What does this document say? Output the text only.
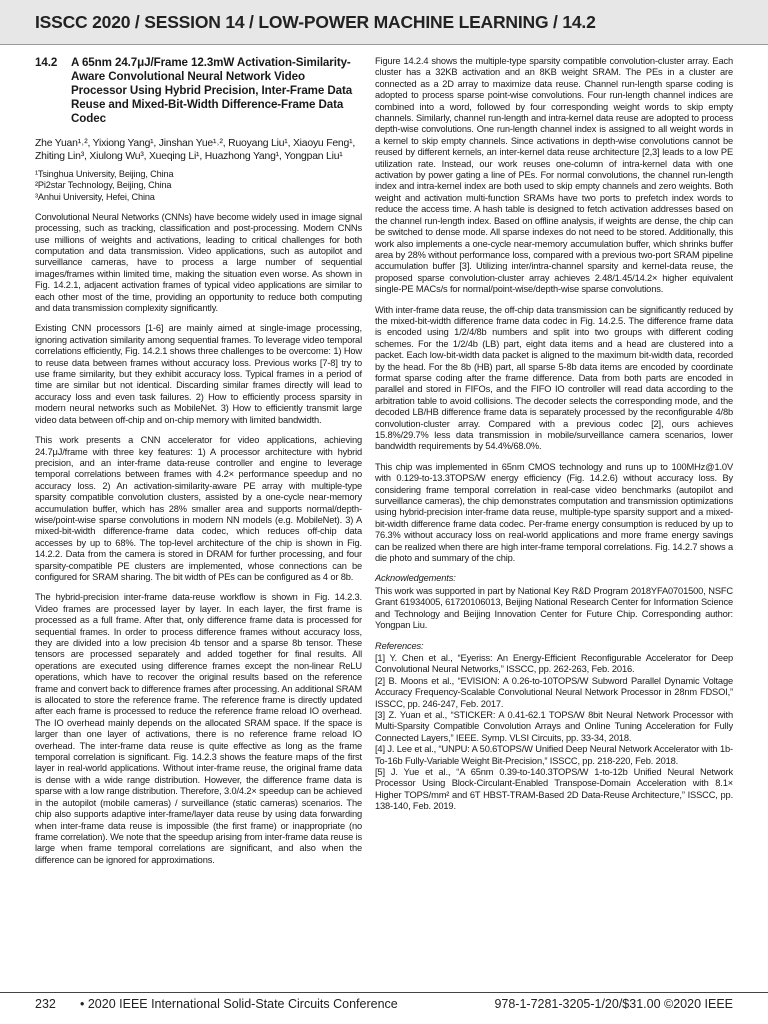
ISSCC 2020 / SESSION 14 / LOW-POWER MACHINE LEARNING / 14.2
14.2	A 65nm 24.7μJ/Frame 12.3mW Activation-Similarity-Aware Convolutional Neural Network Video Processor Using Hybrid Precision, Inter-Frame Data Reuse and Mixed-Bit-Width Difference-Frame Data Codec
Zhe Yuan¹˒², Yixiong Yang¹, Jinshan Yue¹˒², Ruoyang Liu¹, Xiaoyu Feng¹,
Zhiting Lin³, Xiulong Wu³, Xueqing Li¹, Huazhong Yang¹, Yongpan Liu¹
¹Tsinghua University, Beijing, China
²Pi2star Technology, Beijing, China
³Anhui University, Hefei, China

Convolutional Neural Networks (CNNs) have become widely used in image signal processing, such as tracking, classification and post-processing. Modern CNNs use millions of weights and activations, leading to critical challenges for both computation and data transmission. Video applications, such as autopilot and surveillance cameras, have to process a large number of sequential images/frames within limited time, making the situation even worse. As shown in Fig. 14.2.1, adjacent activation frames of typical video applications are similar to each other most of the time, providing an opportunity to reduce both computing and data transmission complexity significantly.

Existing CNN processors [1-6] are mainly aimed at single-image processing, ignoring activation similarity among sequential frames. To leverage video temporal correlations efficiently, Fig. 14.2.1 shows three challenges to be overcome: 1) How to reuse data between frames without accuracy loss. Previous works [7-8] try to use frame similarity, but they exhibit accuracy loss. Typical frames in a period of time are similar but not identical. Discarding similar frames directly will lead to accuracy loss and even task failures. 2) How to efficiently process sparsity in modern neural networks such as MobileNet. 3) How to efficiently transmit large video data between off-chip and on-chip memory with limited bandwidth.

This work presents a CNN accelerator for video applications, achieving 24.7μJ/frame with three key features: 1) A processor architecture with hybrid precision, and an inter-frame data-reuse controller and engine to leverage temporal correlations between frames with 4.2× performance speedup and no accuracy loss. 2) An activation-similarity-aware PE array with multiple-type sparsity compatible convolution clusters, assisted by a one-cycle near-memory accumulation buffer, which has 28% smaller area and supports normal/depth-wise/point-wise sparse convolutions in modern NN models (e.g. MobileNet). 3) A mixed-bit-width difference-frame data codec, which reduces off-chip data accesses by up to 68%. The top-level architecture of the chip is shown in Fig. 14.2.2. Data from the camera is stored in DRAM for further processing, and four sparsity-compatible PE clusters are implemented, whose connections can be configured for SRAM sharing. The bit width of PEs can be configured as 4 or 8b.

The hybrid-precision inter-frame data-reuse workflow is shown in Fig. 14.2.3. Video frames are processed layer by layer. In each layer, the first frame is processed as a full frame. After that, only difference frame data is processed for sequential frames. In order to process difference frames without accuracy loss, they are divided into a low precision 4b tensor and a sparse 8b tensor. These tensors are processed separately and added together for final results. All operations are executed using difference frames except the non-linear ReLU operations, which have to recover the original results based on the reference frame and convert back to difference frames after processing. An additional SRAM is allocated to store the reference frame. The reference frame is directly updated after each frame is processed to reduce the reference frame reload IO overhead. The IO overhead mainly depends on the allocated SRAM space. If the space is larger than one layer of activations, there is no reference frame reload IO overhead. The inter-frame data reuse is quite effective as long as the frame temporal correlation is significant. Fig. 14.2.3 shows the feature maps of the first layer in real-world applications. Without inter-frame reuse, the original frame data is dense with a wide range distribution. However, the difference frame data is sparse with a low range distribution. Therefore, 3.0/4.2× speedup can be achieved in the autopilot (mobile cameras) / surveillance (static cameras) scenarios. The chip also supports adaptive inter-frame/layer data reuse by using data forwarding when inter-frame data reuse is impossible (the first frame) or inappropriate (no frame correlation). We note that the speedup arising from inter-frame data reuse is large when frame temporal correlations are significant, and also when the difference can be ignored for approximations.

Figure 14.2.4 shows the multiple-type sparsity compatible convolution-cluster array. Each cluster has a 32KB activation and an 8KB weight SRAM. The PEs in a cluster are connected as a 2D array to maximize data reuse. Channel run-length sparse coding is adopted to process sparse point-wise convolutions. Four run-length channel indices are combined into a word, followed by four corresponding weight words to skip empty channels. Similarly, channel run-length and intra-kernel data reuse are adopted to process depth-wise convolutions. One run-length channel index is assigned to all weight words in a kernel to skip empty channels. Since activations in depth-wise convolutions cannot be reused by different kernels, an inter-kernel data reuse architecture [2,3] leads to a low PE utilization rate. Instead, our work reuses one-column of intra-kernel data with one activation by power gating a line of PEs. For normal convolutions, the channel run-length index and intra-kernel index are both used to skip empty channels and zero weights. Both weight and activation multi-function SRAMs have two ports to prefetch index words to reduce the access time. A hash table is designed to fetch activation addresses based on the channel run-length index. Based on offline analysis, if weights are dense, the chip can be switched to dense mode. All sparse indexes do not need to be stored. Additionally, this work also implements a one-cycle near-memory accumulation buffer, which shrinks buffer area by 28% without performance loss, compared with a previous two-port SRAM pipeline accumulation buffer [3]. Utilizing inter/intra-channel sparsity and kernel-data reuse, the proposed sparse convolution-cluster array achieves 2.48/1.45/14.2× higher equivalent single-PE MACs/s for normal/point-wise/depth-wise sparse convolutions.

With inter-frame data reuse, the off-chip data transmission can be significantly reduced by the mixed-bit-width difference frame data codec in Fig. 14.2.5. The difference frame data is encoded using 1/2/4/8b numbers and split into two groups with different coding schemes. For the 1/2/4b (LB) part, eight data items and a head are clustered into a packet. Each low-bit-width data packet is aligned to the maximum bit-width data, recorded by the head. For the 8b (HB) part, all sparse 5-8b data items are encoded by coordinate format sparse coding after the frame difference. Data from both parts are encoded in parallel and stored in FIFOs, and the FIFO IO controller will read data according to the arbitration table to avoid collisions. The decoder selects the corresponding mode, and the decoded LB/HB difference frame data is separately processed by the reconfigurable 4/8b convolution-cluster array. Compared with a previous codec [2], ours achieves 15.8%/29.7% less data transmission in mobile/surveillance camera scenarios, lower bandwidth requirements by 54.4%/68.0%.

This chip was implemented in 65nm CMOS technology and runs up to 100MHz@1.0V with 0.129-to-13.3TOPS/W energy efficiency (Fig. 14.2.6) without accuracy loss. By considering frame temporal correlation in real-case video benchmarks (autopilot and surveillance cameras), the chip demonstrates computation and transmission optimizations using hybrid-precision inter-frame data reuse, multiple-type sparsity support and a mixed-bit-width difference frame data codec. Per-frame energy consumption is reduced by up to 76.3% without accuracy loss on real-world applications and more frame energy savings can be realized when there are high inter-frame temporal correlations. Fig. 14.2.7 shows a die photo and summary of the chip.

Acknowledgements:

This work was supported in part by National Key R&D Program 2018YFA0701500, NSFC Grant 61934005, 61720106013, Beijing National Research Center for Information Science and Technology and Beijing Innovation Center for Future Chip. Corresponding author: Yongpan Liu.

References:
[1] Y. Chen et al., “Eyeriss: An Energy-Efficient Reconfigurable Accelerator for Deep Convolutional Neural Networks,” ISSCC, pp. 262-263, Feb. 2016.
[2] B. Moons et al., “EVISION: A 0.26-to-10TOPS/W Subword Parallel Dynamic Voltage Accuracy Frequency-Scalable Convolutional Neural Network Processor in 28nm FDSOI,” ISSCC, pp. 246-247, Feb. 2017.
[3] Z. Yuan et al., “STICKER: A 0.41-62.1 TOPS/W 8bit Neural Network Processor with Multi-Sparsity Compatible Convolution Arrays and Online Tuning Acceleration for Fully Connected Layers,” IEEE. Symp. VLSI Circuits, pp. 33-34, 2018.
[4] J. Lee et al., “UNPU: A 50.6TOPS/W Unified Deep Neural Network Accelerator with 1b-To-16b Fully-Variable Weight Bit-Precision,” ISSCC, pp. 218-220, Feb. 2018.
[5] J. Yue et al., “A 65nm 0.39-to-140.3TOPS/W 1-to-12b Unified Neural Network Processor Using Block-Circulant-Enabled Transpose-Domain Acceleration with 8.1× Higher TOPS/mm² and 6T HBST-TRAM-Based 2D Data-Reuse Architecture,” ISSCC, pp. 138-140, Feb. 2019.
232 • 2020 IEEE International Solid-State Circuits Conference	978-1-7281-3205-1/20/$31.00 ©2020 IEEE
